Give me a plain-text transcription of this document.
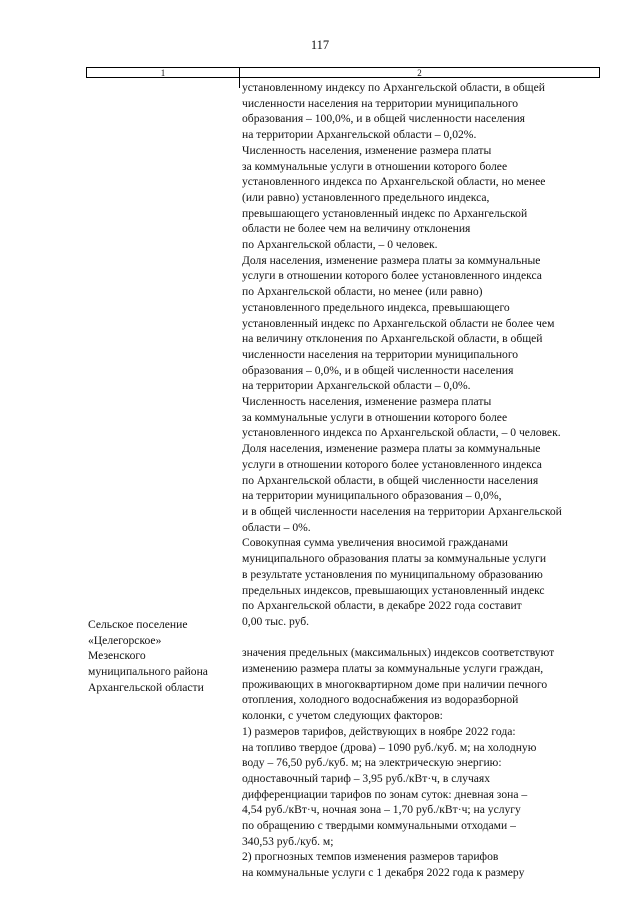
117
1	2
установленному индексу по Архангельской области, в общей
численности населения на территории муниципального
образования – 100,0%, и в общей численности населения
на территории Архангельской области – 0,02%.
Численность населения, изменение размера платы
за коммунальные услуги в отношении которого более
установленного индекса по Архангельской области, но менее
(или равно) установленного предельного индекса,
превышающего установленный индекс по Архангельской
области не более чем на величину отклонения
по Архангельской области, – 0 человек.
Доля населения, изменение размера платы за коммунальные
услуги в отношении которого более установленного индекса
по Архангельской области, но менее (или равно)
установленного предельного индекса, превышающего
установленный индекс по Архангельской области не более чем
на величину отклонения по Архангельской области, в общей
численности населения на территории муниципального
образования – 0,0%, и в общей численности населения
на территории Архангельской области – 0,0%.
Численность населения, изменение размера платы
за коммунальные услуги в отношении которого более
установленного индекса по Архангельской области, – 0 человек.
Доля населения, изменение размера платы за коммунальные
услуги в отношении которого более установленного индекса
по Архангельской области, в общей численности населения
на территории муниципального образования – 0,0%,
и в общей численности населения на территории Архангельской
области – 0%.
Совокупная сумма увеличения вносимой гражданами
муниципального образования платы за коммунальные услуги
в результате установления по муниципальному образованию
предельных индексов, превышающих установленный индекс
по Архангельской области, в декабре 2022 года составит
0,00 тыс. руб.
значения предельных (максимальных) индексов соответствуют
изменению размера платы за коммунальные услуги граждан,
проживающих в многоквартирном доме при наличии печного
отопления, холодного водоснабжения из водоразборной
колонки, с учетом следующих факторов:
1) размеров тарифов, действующих в ноябре 2022 года:
на топливо твердое (дрова) – 1090 руб./куб. м; на холодную
воду – 76,50 руб./куб. м; на электрическую энергию:
одноставочный тариф – 3,95 руб./кВт·ч, в случаях
дифференциации тарифов по зонам суток: дневная зона –
4,54 руб./кВт·ч, ночная зона – 1,70 руб./кВт·ч; на услугу
по обращению с твердыми коммунальными отходами –
340,53 руб./куб. м;
2) прогнозных темпов изменения размеров тарифов
на коммунальные услуги с 1 декабря 2022 года к размеру
Сельское поселение
«Целегорское»
Мезенского
муниципального района
Архангельской области
